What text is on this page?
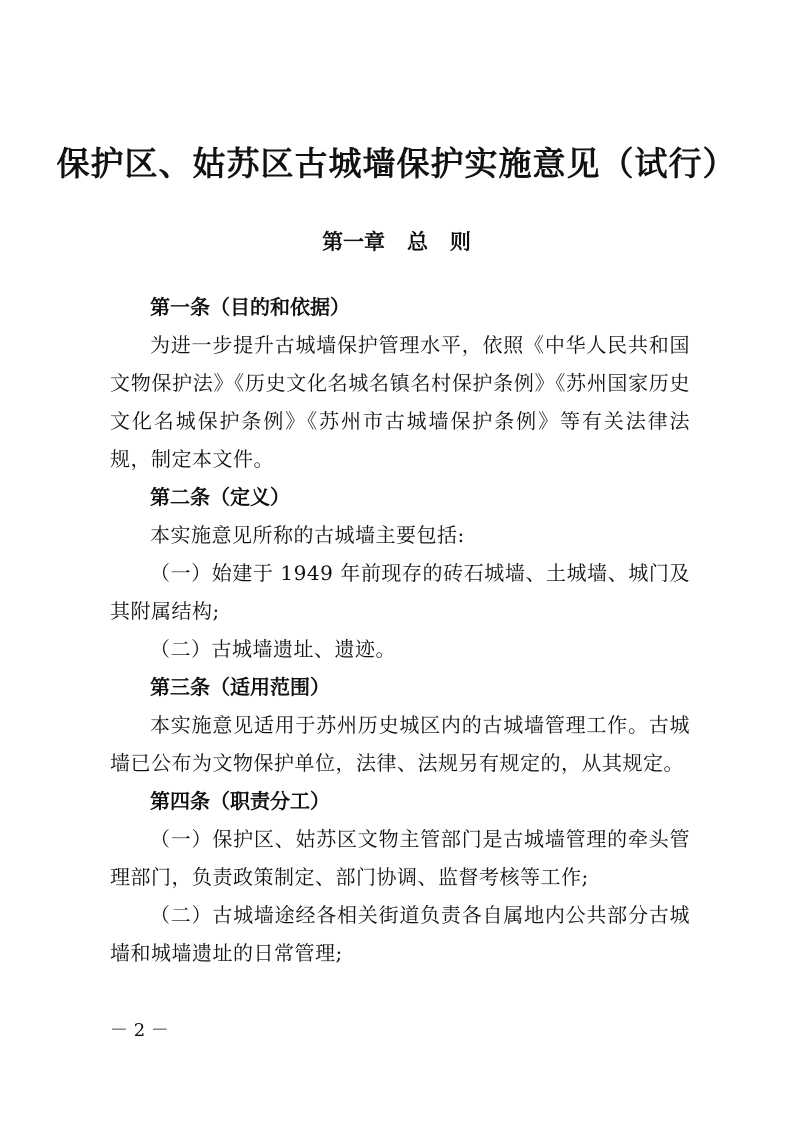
保护区、姑苏区古城墙保护实施意见（试行）
第一章   总   则
第一条（目的和依据）
为进一步提升古城墙保护管理水平，依照《中华人民共和国文物保护法》《历史文化名城名镇名村保护条例》《苏州国家历史文化名城保护条例》《苏州市古城墙保护条例》等有关法律法规，制定本文件。
第二条（定义）
本实施意见所称的古城墙主要包括:
（一）始建于 1949 年前现存的砖石城墙、土城墙、城门及其附属结构;
（二）古城墙遗址、遗迹。
第三条（适用范围）
本实施意见适用于苏州历史城区内的古城墙管理工作。古城墙已公布为文物保护单位，法律、法规另有规定的，从其规定。
第四条（职责分工）
（一）保护区、姑苏区文物主管部门是古城墙管理的牵头管理部门，负责政策制定、部门协调、监督考核等工作;
（二）古城墙途经各相关街道负责各自属地内公共部分古城墙和城墙遗址的日常管理;
－ 2 －
